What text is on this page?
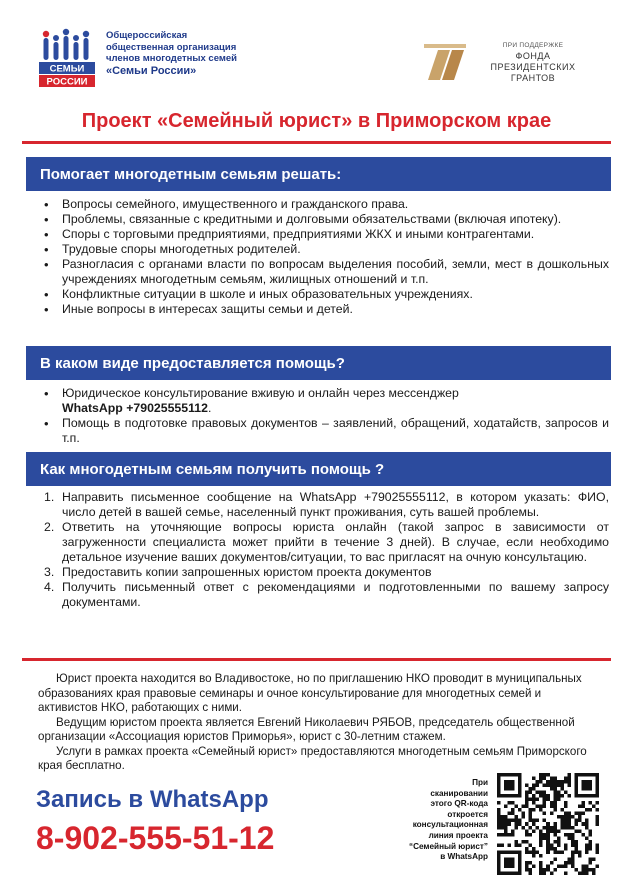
СЕМЬИ
РОССИИ
Общероссийская
общественная организация
членов многодетных семей
«Семьи России»
ПРИ ПОДДЕРЖКЕ
ФОНДА
ПРЕЗИДЕНТСКИХ
ГРАНТОВ
Проект «Семейный юрист» в Приморском крае
Помогает многодетным семьям решать:
• Вопросы семейного, имущественного и гражданского права.
• Проблемы, связанные с кредитными и долговыми обязательствами (включая ипотеку).
• Споры с торговыми предприятиями, предприятиями ЖКХ и иными контрагентами.
• Трудовые споры многодетных родителей.
• Разногласия с органами власти по вопросам выделения пособий, земли, мест в дошкольных учреждениях многодетным семьям, жилищных отношений и т.п.
• Конфликтные ситуации в школе и иных образовательных учреждениях.
• Иные вопросы в интересах защиты семьи и детей.
В каком виде предоставляется помощь?
• Юридическое консультирование вживую и онлайн через мессенджер
WhatsApp +79025555112.
• Помощь в подготовке правовых документов – заявлений, обращений, ходатайств, запросов и т.п.
Как многодетным семьям получить помощь ?
1. Направить письменное сообщение на WhatsApp +79025555112, в котором указать: ФИО, число детей в вашей семье, населенный пункт проживания, суть вашей проблемы.
2. Ответить на уточняющие вопросы юриста онлайн (такой запрос в зависимости от загруженности специалиста может прийти в течение 3 дней). В случае, если необходимо детальное изучение ваших документов/ситуации, то вас пригласят на очную консультацию.
3. Предоставить копии запрошенных юристом проекта документов
4. Получить письменный ответ с рекомендациями и подготовленными по вашему запросу документами.

Юрист проекта находится во Владивостоке, но по приглашению НКО проводит в муниципальных образованиях края правовые семинары и очное консультирование для многодетных семей и активистов НКО, работающих с ними.

Ведущим юристом проекта является Евгений Николаевич РЯБОВ, председатель общественной организации «Ассоциация юристов Приморья», юрист с 30-летним стажем.

Услуги в рамках проекта «Семейный юрист» предоставляются многодетным семьям Приморского края бесплатно.

Запись в WhatsApp
8-902-555-51-12
При
сканировании
этого QR-кода
откроется
консультационная
линия проекта
“Семейный юрист”
в WhatsApp
